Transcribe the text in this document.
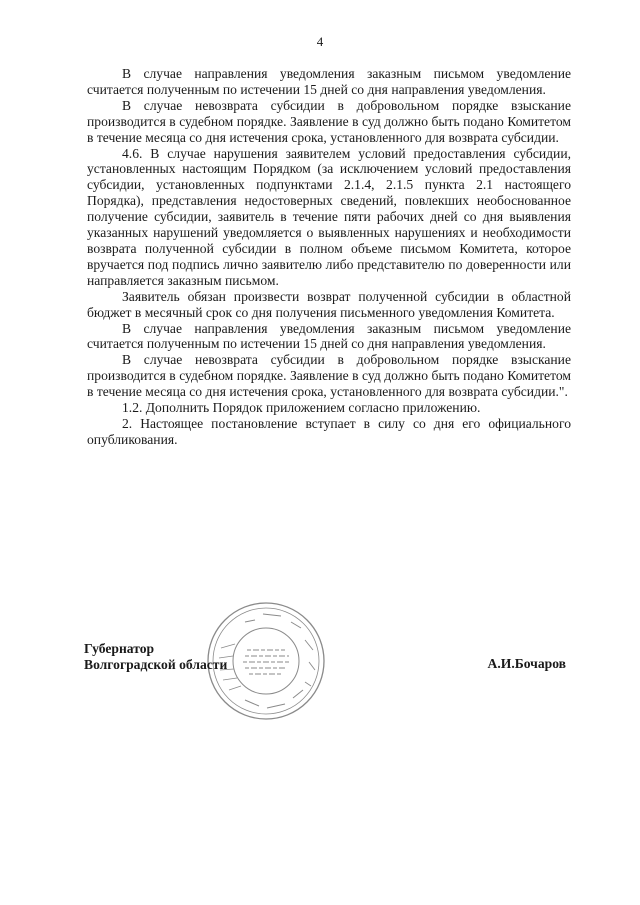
4

В случае направления уведомления заказным письмом уведомление считается полученным по истечении 15 дней со дня направления уведомления.

В случае невозврата субсидии в добровольном порядке взыскание производится в судебном порядке. Заявление в суд должно быть подано Комитетом в течение месяца со дня истечения срока, установленного для возврата субсидии.

4.6. В случае нарушения заявителем условий предоставления субсидии, установленных настоящим Порядком (за исключением условий предоставления субсидии, установленных подпунктами 2.1.4, 2.1.5 пункта 2.1 настоящего Порядка), представления недостоверных сведений, повлекших необоснованное получение субсидии, заявитель в течение пяти рабочих дней со дня выявления указанных нарушений уведомляется о выявленных нарушениях и необходимости возврата полученной субсидии в полном объеме письмом Комитета, которое вручается под подпись лично заявителю либо представителю по доверенности или направляется заказным письмом.

Заявитель обязан произвести возврат полученной субсидии в областной бюджет в месячный срок со дня получения письменного уведомления Комитета.

В случае направления уведомления заказным письмом уведомление считается полученным по истечении 15 дней со дня направления уведомления.

В случае невозврата субсидии в добровольном порядке взыскание производится в судебном порядке. Заявление в суд должно быть подано Комитетом в течение месяца со дня истечения срока, установленного для возврата субсидии.".

1.2. Дополнить Порядок приложением согласно приложению.

2. Настоящее постановление вступает в силу со дня его официального опубликования.

Губернатор
Волгоградской области	А.И.Бочаров
